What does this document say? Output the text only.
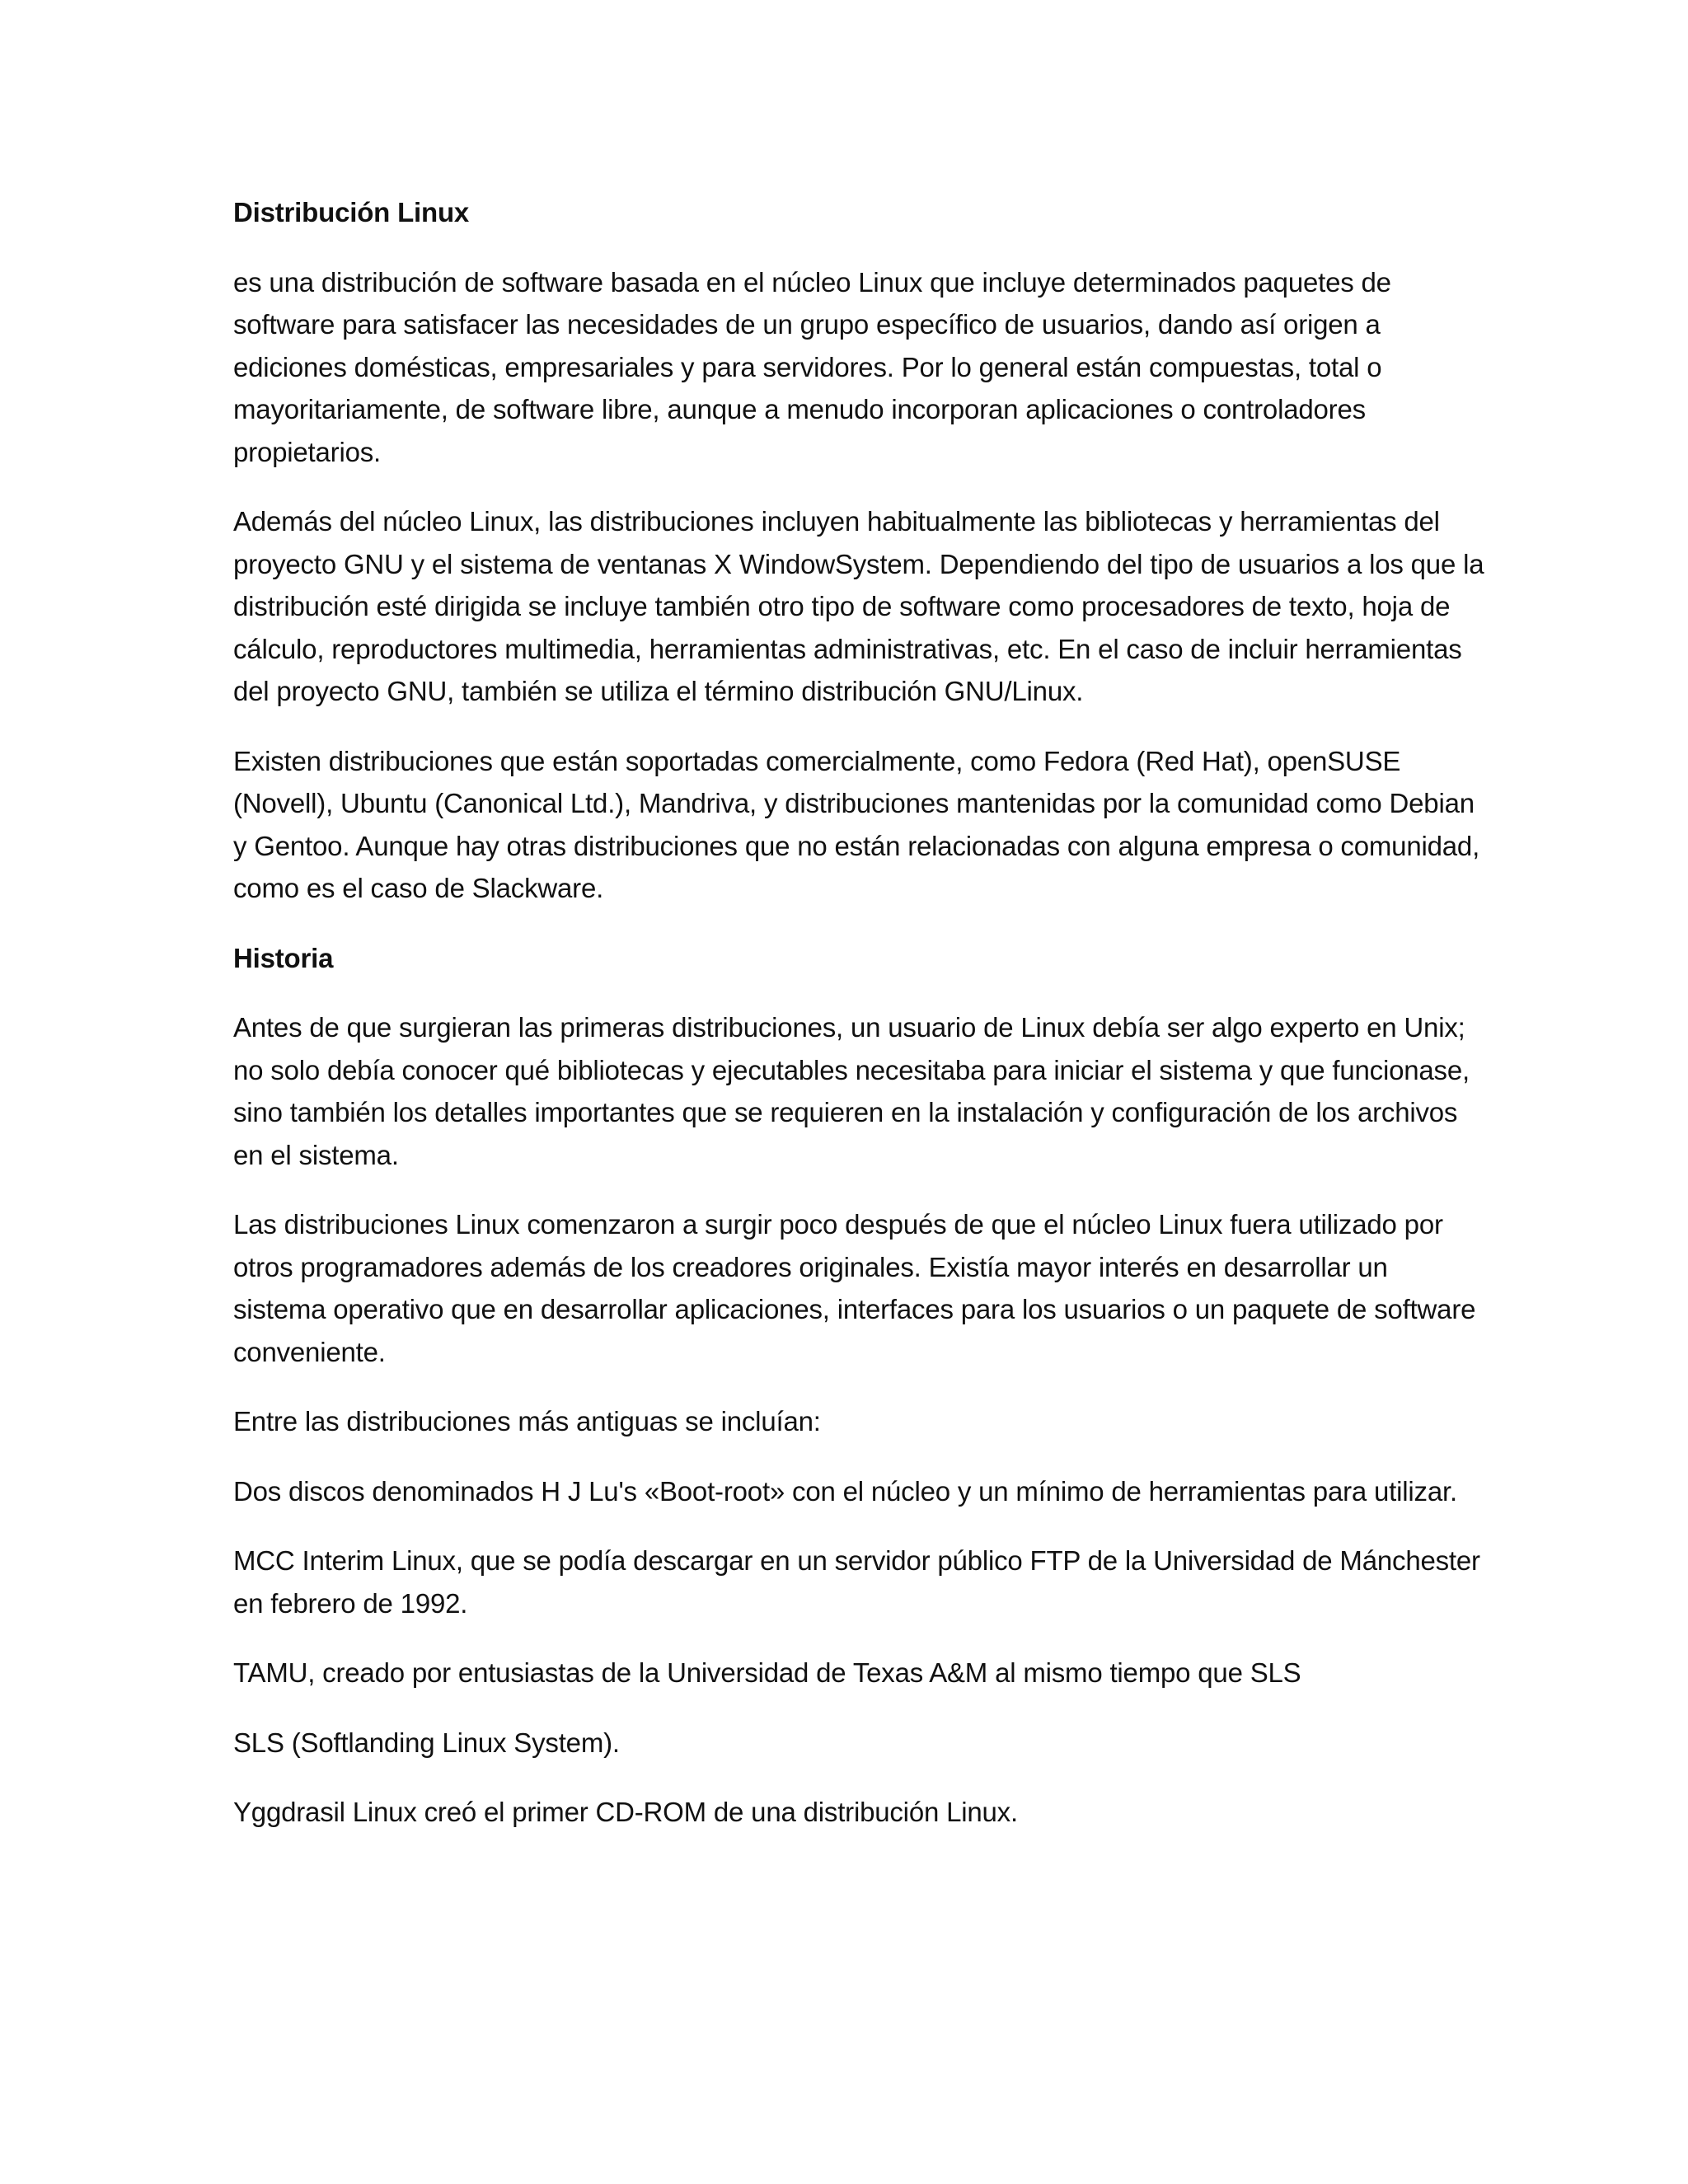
Distribución Linux

es una distribución de software basada en el núcleo Linux que incluye determinados paquetes de software para satisfacer las necesidades de un grupo específico de usuarios, dando así origen a ediciones domésticas, empresariales y para servidores. Por lo general están compuestas, total o mayoritariamente, de software libre, aunque a menudo incorporan aplicaciones o controladores propietarios.

Además del núcleo Linux, las distribuciones incluyen habitualmente las bibliotecas y herramientas del proyecto GNU y el sistema de ventanas X WindowSystem. Dependiendo del tipo de usuarios a los que la distribución esté dirigida se incluye también otro tipo de software como procesadores de texto, hoja de cálculo, reproductores multimedia, herramientas administrativas, etc. En el caso de incluir herramientas del proyecto GNU, también se utiliza el término distribución GNU/Linux.

Existen distribuciones que están soportadas comercialmente, como Fedora (Red Hat), openSUSE (Novell), Ubuntu (Canonical Ltd.), Mandriva, y distribuciones mantenidas por la comunidad como Debian y Gentoo. Aunque hay otras distribuciones que no están relacionadas con alguna empresa o comunidad, como es el caso de Slackware.

Historia

Antes de que surgieran las primeras distribuciones, un usuario de Linux debía ser algo experto en Unix; no solo debía conocer qué bibliotecas y ejecutables necesitaba para iniciar el sistema y que funcionase, sino también los detalles importantes que se requieren en la instalación y configuración de los archivos en el sistema.

Las distribuciones Linux comenzaron a surgir poco después de que el núcleo Linux fuera utilizado por otros programadores además de los creadores originales. Existía mayor interés en desarrollar un sistema operativo que en desarrollar aplicaciones, interfaces para los usuarios o un paquete de software conveniente.

Entre las distribuciones más antiguas se incluían:

Dos discos denominados H J Lu's «Boot-root» con el núcleo y un mínimo de herramientas para utilizar.

MCC Interim Linux, que se podía descargar en un servidor público FTP de la Universidad de Mánchester en febrero de 1992.

TAMU, creado por entusiastas de la Universidad de Texas A&M al mismo tiempo que SLS

SLS (Softlanding Linux System).

Yggdrasil Linux creó el primer CD-ROM de una distribución Linux.
